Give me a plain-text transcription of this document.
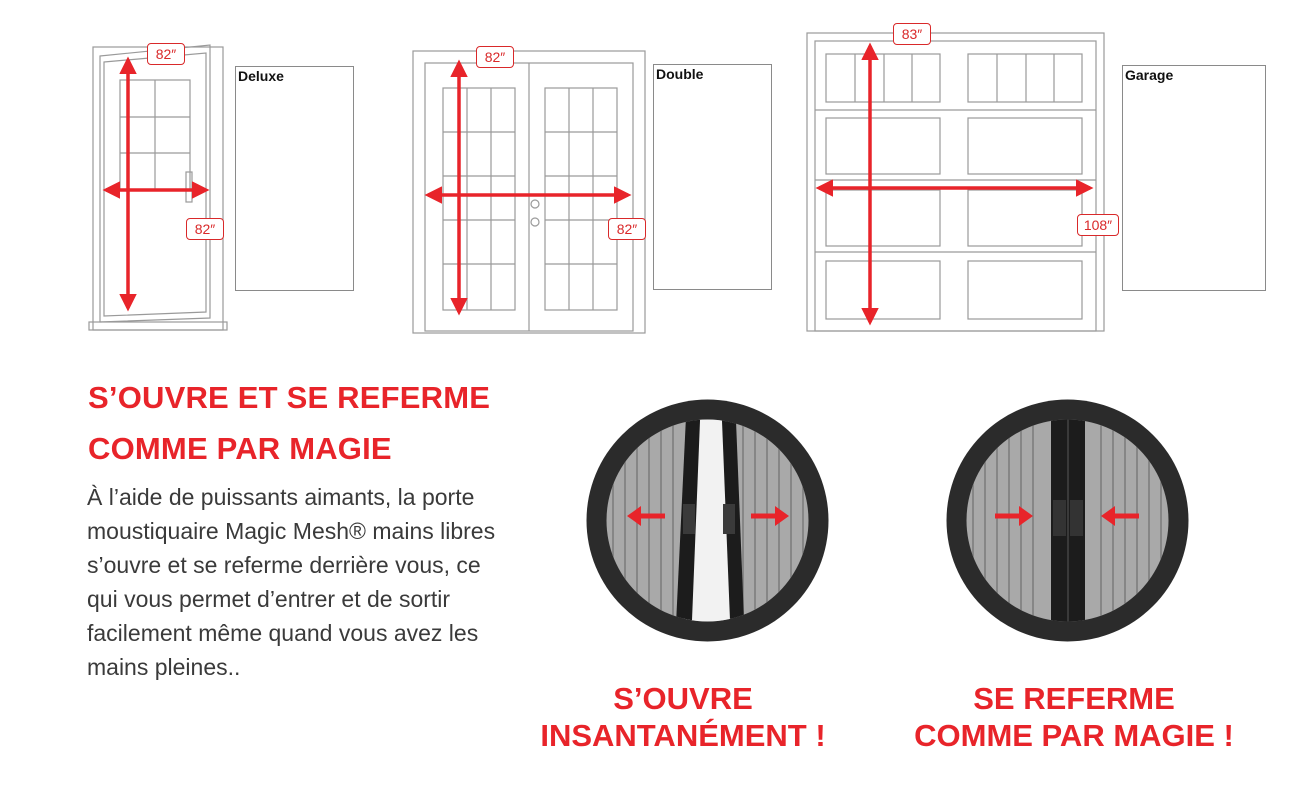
Deluxe	Double	Garage
82″
82″
82″
82″
83″
108″
S’OUVRE ET SE REFERME
COMME PAR MAGIE
À l’aide de puissants aimants, la porte moustiquaire Magic Mesh® mains libres s’ouvre et se referme derrière vous, ce qui vous permet d’entrer et de sortir facilement même quand vous avez les mains pleines..
S’OUVRE
INSANTANÉMENT !
SE REFERME
COMME PAR MAGIE !
